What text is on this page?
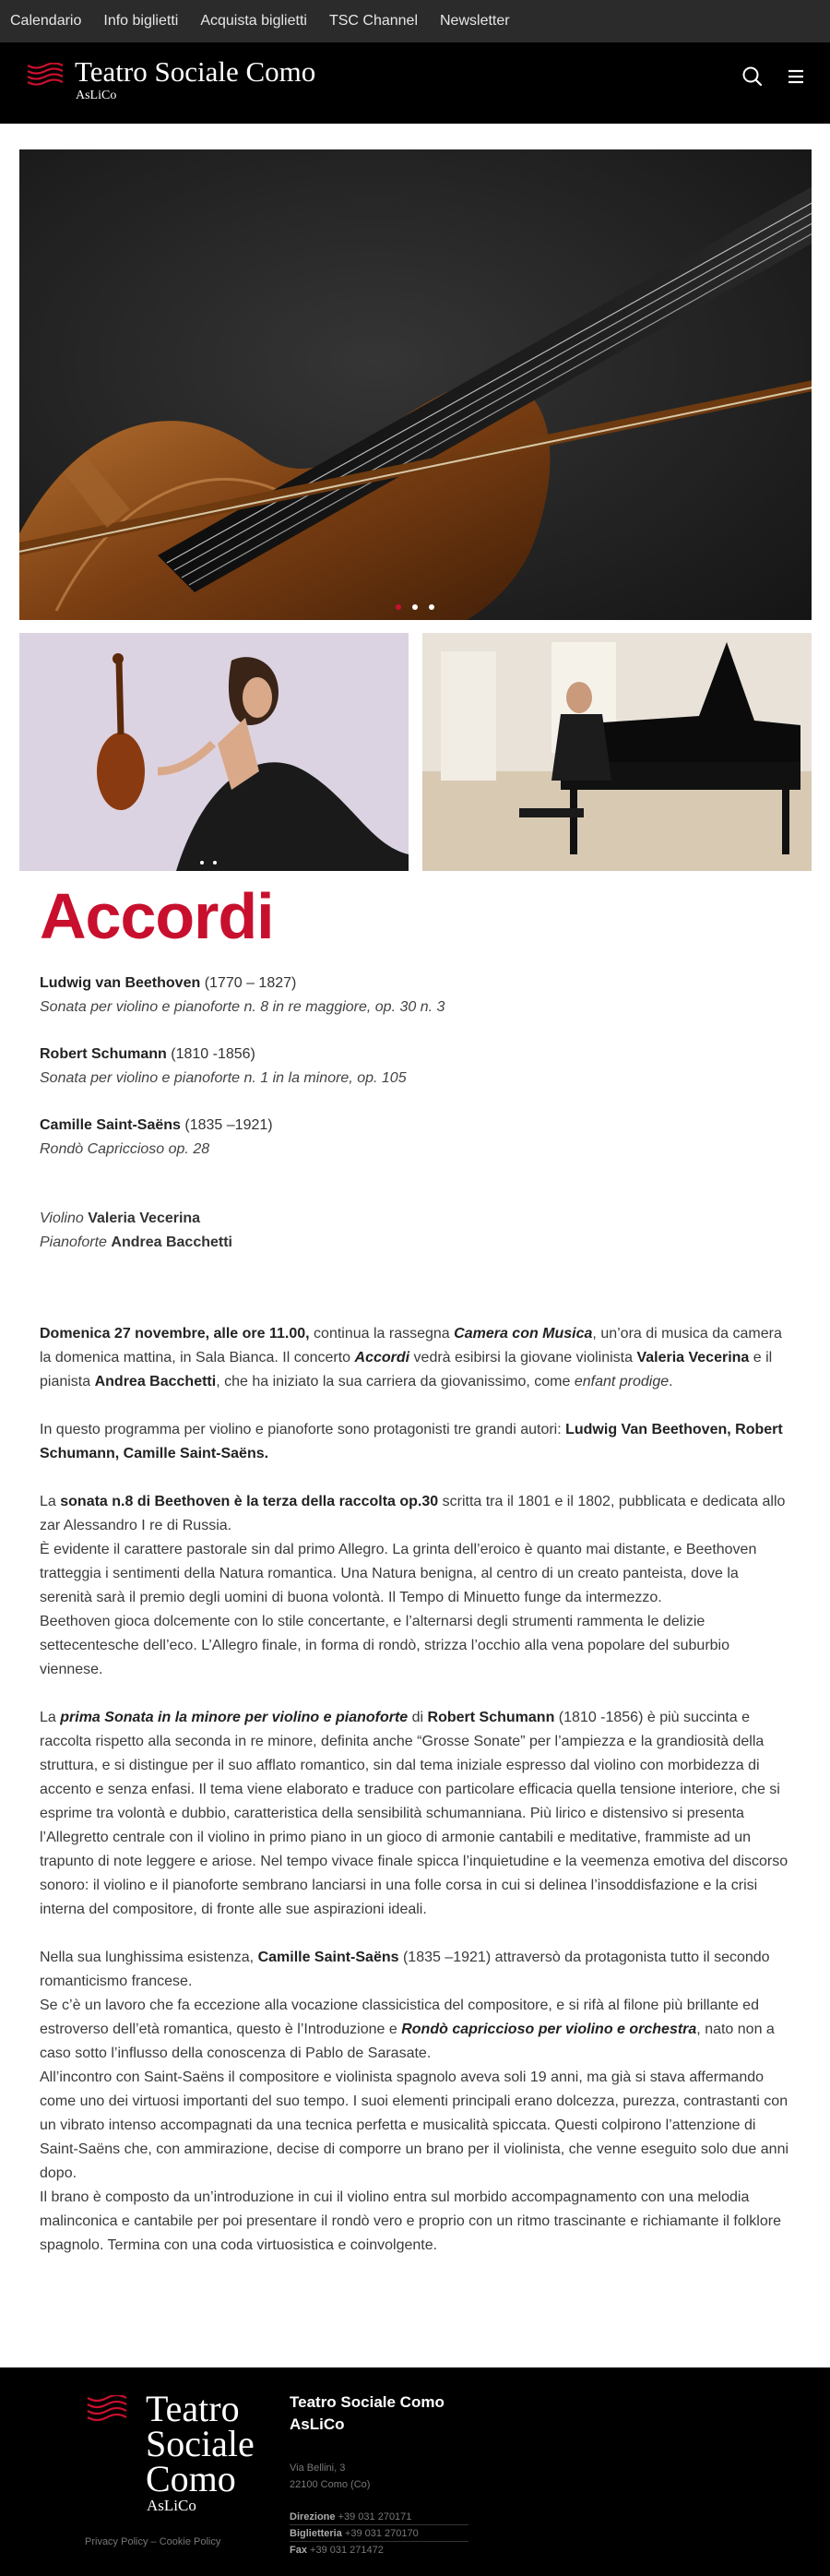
Calendario Info biglietti Acquista biglietti TSC Channel Newsletter
Teatro Sociale Como
AsLiCo
Accordi
Ludwig van Beethoven (1770 – 1827)
Sonata per violino e pianoforte n. 8 in re maggiore, op. 30 n. 3
Robert Schumann (1810 -1856)
Sonata per violino e pianoforte n. 1 in la minore, op. 105
Camille Saint-Saëns (1835 –1921)
Rondò Capriccioso op. 28
Violino Valeria Vecerina
Pianoforte Andrea Bacchetti

Domenica 27 novembre, alle ore 11.00, continua la rassegna Camera con Musica, un’ora di musica da camera la domenica mattina, in Sala Bianca. Il concerto Accordi vedrà esibirsi la giovane violinista Valeria Vecerina e il pianista Andrea Bacchetti, che ha iniziato la sua carriera da giovanissimo, come enfant prodige.

In questo programma per violino e pianoforte sono protagonisti tre grandi autori: Ludwig Van Beethoven, Robert Schumann, Camille Saint-Saëns.

La sonata n.8 di Beethoven è la terza della raccolta op.30 scritta tra il 1801 e il 1802, pubblicata e dedicata allo zar Alessandro I re di Russia.
È evidente il carattere pastorale sin dal primo Allegro. La grinta dell’eroico è quanto mai distante, e Beethoven tratteggia i sentimenti della Natura romantica. Una Natura benigna, al centro di un creato panteista, dove la serenità sarà il premio degli uomini di buona volontà. Il Tempo di Minuetto funge da intermezzo.
Beethoven gioca dolcemente con lo stile concertante, e l’alternarsi degli strumenti rammenta le delizie settecentesche dell’eco. L’Allegro finale, in forma di rondò, strizza l’occhio alla vena popolare del suburbio viennese.

La prima Sonata in la minore per violino e pianoforte di Robert Schumann (1810 -1856) è più succinta e raccolta rispetto alla seconda in re minore, definita anche “Grosse Sonate” per l’ampiezza e la grandiosità della struttura, e si distingue per il suo afflato romantico, sin dal tema iniziale espresso dal violino con morbidezza di accento e senza enfasi. Il tema viene elaborato e traduce con particolare efficacia quella tensione interiore, che si esprime tra volontà e dubbio, caratteristica della sensibilità schumanniana. Più lirico e distensivo si presenta l’Allegretto centrale con il violino in primo piano in un gioco di armonie cantabili e meditative, frammiste ad un trapunto di note leggere e ariose. Nel tempo vivace finale spicca l’inquietudine e la veemenza emotiva del discorso sonoro: il violino e il pianoforte sembrano lanciarsi in una folle corsa in cui si delinea l’insoddisfazione e la crisi interna del compositore, di fronte alle sue aspirazioni ideali.

Nella sua lunghissima esistenza, Camille Saint-Saëns (1835 –1921) attraversò da protagonista tutto il secondo romanticismo francese.
Se c’è un lavoro che fa eccezione alla vocazione classicistica del compositore, e si rifà al filone più brillante ed estroverso dell’età romantica, questo è l’Introduzione e Rondò capriccioso per violino e orchestra, nato non a caso sotto l’influsso della conoscenza di Pablo de Sarasate.
All’incontro con Saint-Saëns il compositore e violinista spagnolo aveva soli 19 anni, ma già si stava affermando come uno dei virtuosi importanti del suo tempo. I suoi elementi principali erano dolcezza, purezza, contrastanti con un vibrato intenso accompagnati da una tecnica perfetta e musicalità spiccata. Questi colpirono l’attenzione di Saint-Saëns che, con ammirazione, decise di comporre un brano per il violinista, che venne eseguito solo due anni dopo.
Il brano è composto da un’introduzione in cui il violino entra sul morbido accompagnamento con una melodia malinconica e cantabile per poi presentare il rondò vero e proprio con un ritmo trascinante e richiamante il folklore spagnolo. Termina con una coda virtuosistica e coinvolgente.

Teatro
Sociale
Como
AsLiCo
Privacy Policy – Cookie Policy
Teatro Sociale Como
AsLiCo
Via Bellini, 3
22100 Como (Co)
Direzione +39 031 270171
Biglietteria +39 031 270170
Fax +39 031 271472
